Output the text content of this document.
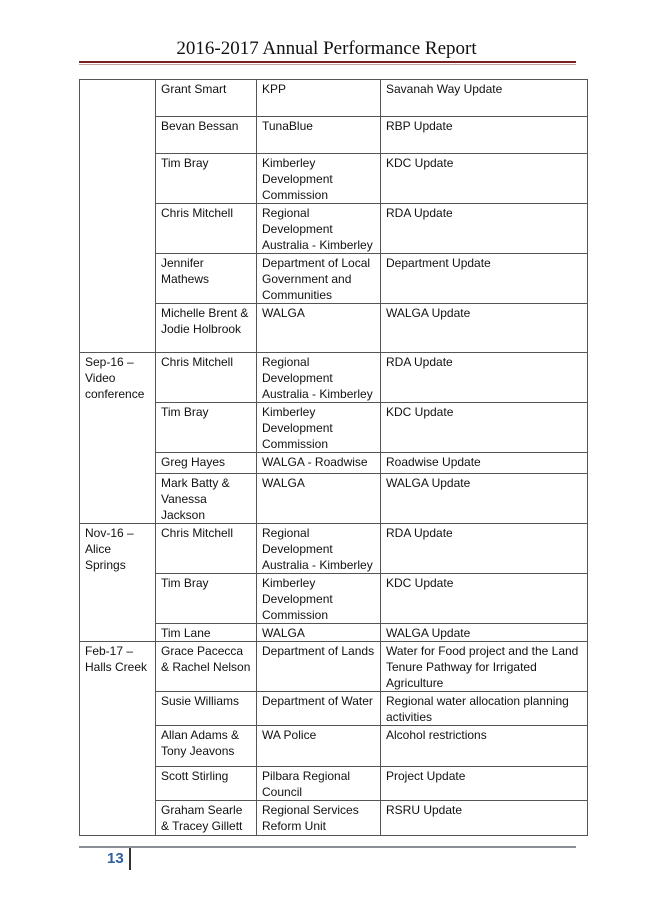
2016-2017 Annual Performance Report
	Grant Smart	KPP	Savanah Way Update
	Bevan Bessan	TunaBlue	RBP Update
	Tim Bray	Kimberley Development Commission	KDC Update
	Chris Mitchell	Regional Development Australia - Kimberley	RDA Update
	Jennifer Mathews	Department of Local Government and Communities	Department Update
	Michelle Brent & Jodie Holbrook	WALGA	WALGA Update
Sep-16 – Video conference	Chris Mitchell	Regional Development Australia - Kimberley	RDA Update
	Tim Bray	Kimberley Development Commission	KDC Update
	Greg Hayes	WALGA - Roadwise	Roadwise Update
	Mark Batty & Vanessa Jackson	WALGA	WALGA Update
Nov-16 – Alice Springs	Chris Mitchell	Regional Development Australia - Kimberley	RDA Update
	Tim Bray	Kimberley Development Commission	KDC Update
	Tim Lane	WALGA	WALGA Update
Feb-17 – Halls Creek	Grace Pacecca & Rachel Nelson	Department of Lands	Water for Food project and the Land Tenure Pathway for Irrigated Agriculture
	Susie Williams	Department of Water	Regional water allocation planning activities
	Allan Adams & Tony Jeavons	WA Police	Alcohol restrictions
	Scott Stirling	Pilbara Regional Council	Project Update
	Graham Searle & Tracey Gillett	Regional Services Reform Unit	RSRU Update
13
